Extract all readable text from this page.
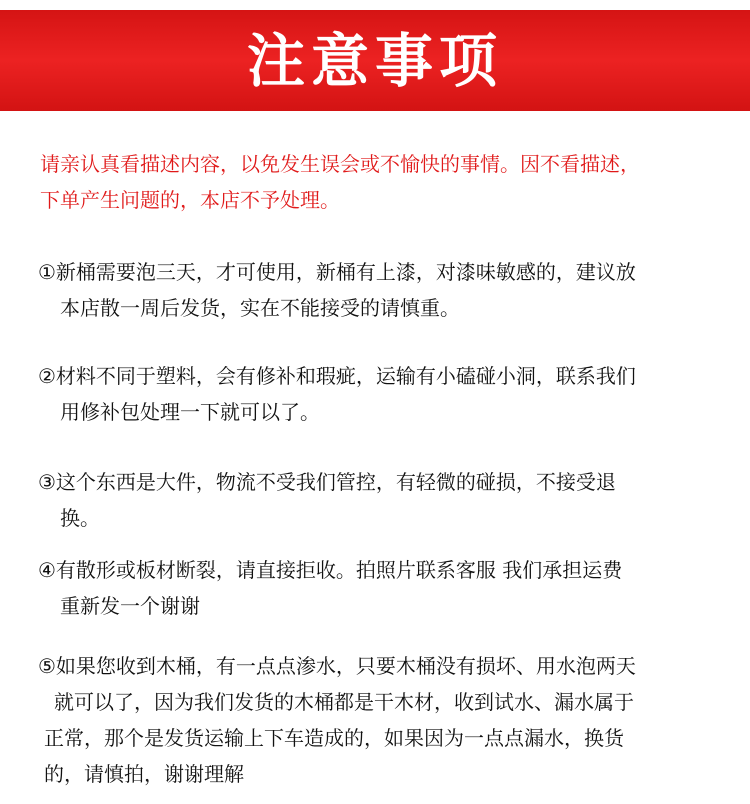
注意事项
请亲认真看描述内容，以免发生误会或不愉快的事情。因不看描述，
下单产生问题的，本店不予处理。
①新桶需要泡三天，才可使用，新桶有上漆，对漆味敏感的，建议放
本店散一周后发货，实在不能接受的请慎重。
②材料不同于塑料，会有修补和瑕疵，运输有小磕碰小洞，联系我们
用修补包处理一下就可以了。
③这个东西是大件，物流不受我们管控，有轻微的碰损，不接受退
换。
④有散形或板材断裂，请直接拒收。拍照片联系客服 我们承担运费
重新发一个谢谢
⑤如果您收到木桶，有一点点渗水，只要木桶没有损坏、用水泡两天
就可以了，因为我们发货的木桶都是干木材，收到试水、漏水属于
正常，那个是发货运输上下车造成的，如果因为一点点漏水，换货
的，请慎拍，谢谢理解
